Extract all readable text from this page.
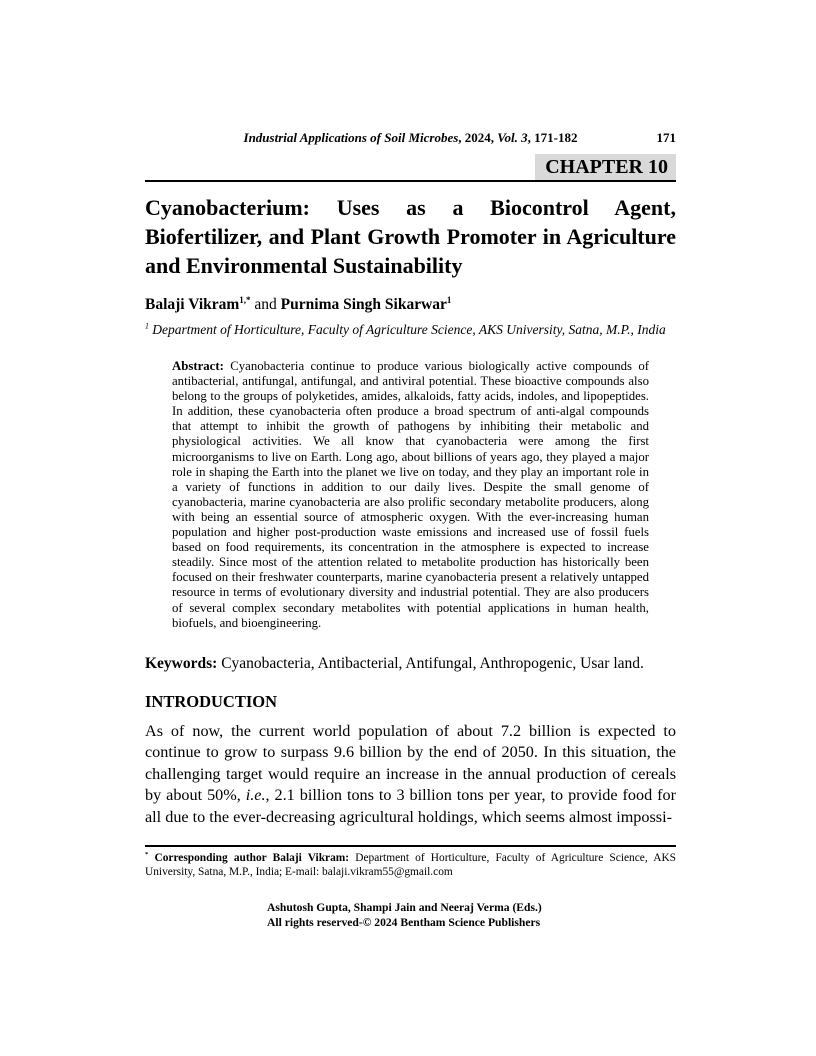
Industrial Applications of Soil Microbes, 2024, Vol. 3, 171-182	171
CHAPTER 10
Cyanobacterium: Uses as a Biocontrol Agent, Biofertilizer, and Plant Growth Promoter in Agriculture and Environmental Sustainability
Balaji Vikram$^{1,*}$ and Purnima Singh Sikarwar$^1$
$^1$ Department of Horticulture, Faculty of Agriculture Science, AKS University, Satna, M.P., India

Abstract: Cyanobacteria continue to produce various biologically active compounds of antibacterial, antifungal, antifungal, and antiviral potential. These bioactive compounds also belong to the groups of polyketides, amides, alkaloids, fatty acids, indoles, and lipopeptides. In addition, these cyanobacteria often produce a broad spectrum of anti-algal compounds that attempt to inhibit the growth of pathogens by inhibiting their metabolic and physiological activities. We all know that cyanobacteria were among the first microorganisms to live on Earth. Long ago, about billions of years ago, they played a major role in shaping the Earth into the planet we live on today, and they play an important role in a variety of functions in addition to our daily lives. Despite the small genome of cyanobacteria, marine cyanobacteria are also prolific secondary metabolite producers, along with being an essential source of atmospheric oxygen. With the ever-increasing human population and higher post-production waste emissions and increased use of fossil fuels based on food requirements, its concentration in the atmosphere is expected to increase steadily. Since most of the attention related to metabolite production has historically been focused on their freshwater counterparts, marine cyanobacteria present a relatively untapped resource in terms of evolutionary diversity and industrial potential. They are also producers of several complex secondary metabolites with potential applications in human health, biofuels, and bioengineering.

Keywords: Cyanobacteria, Antibacterial, Antifungal, Anthropogenic, Usar land.
INTRODUCTION

As of now, the current world population of about 7.2 billion is expected to continue to grow to surpass 9.6 billion by the end of 2050. In this situation, the challenging target would require an increase in the annual production of cereals by about 50%, i.e., 2.1 billion tons to 3 billion tons per year, to provide food for all due to the ever-decreasing agricultural holdings, which seems almost impossi-

* Corresponding author Balaji Vikram: Department of Horticulture, Faculty of Agriculture Science, AKS University, Satna, M.P., India; E-mail: balaji.vikram55@gmail.com
Ashutosh Gupta, Shampi Jain and Neeraj Verma (Eds.)
All rights reserved-© 2024 Bentham Science Publishers
